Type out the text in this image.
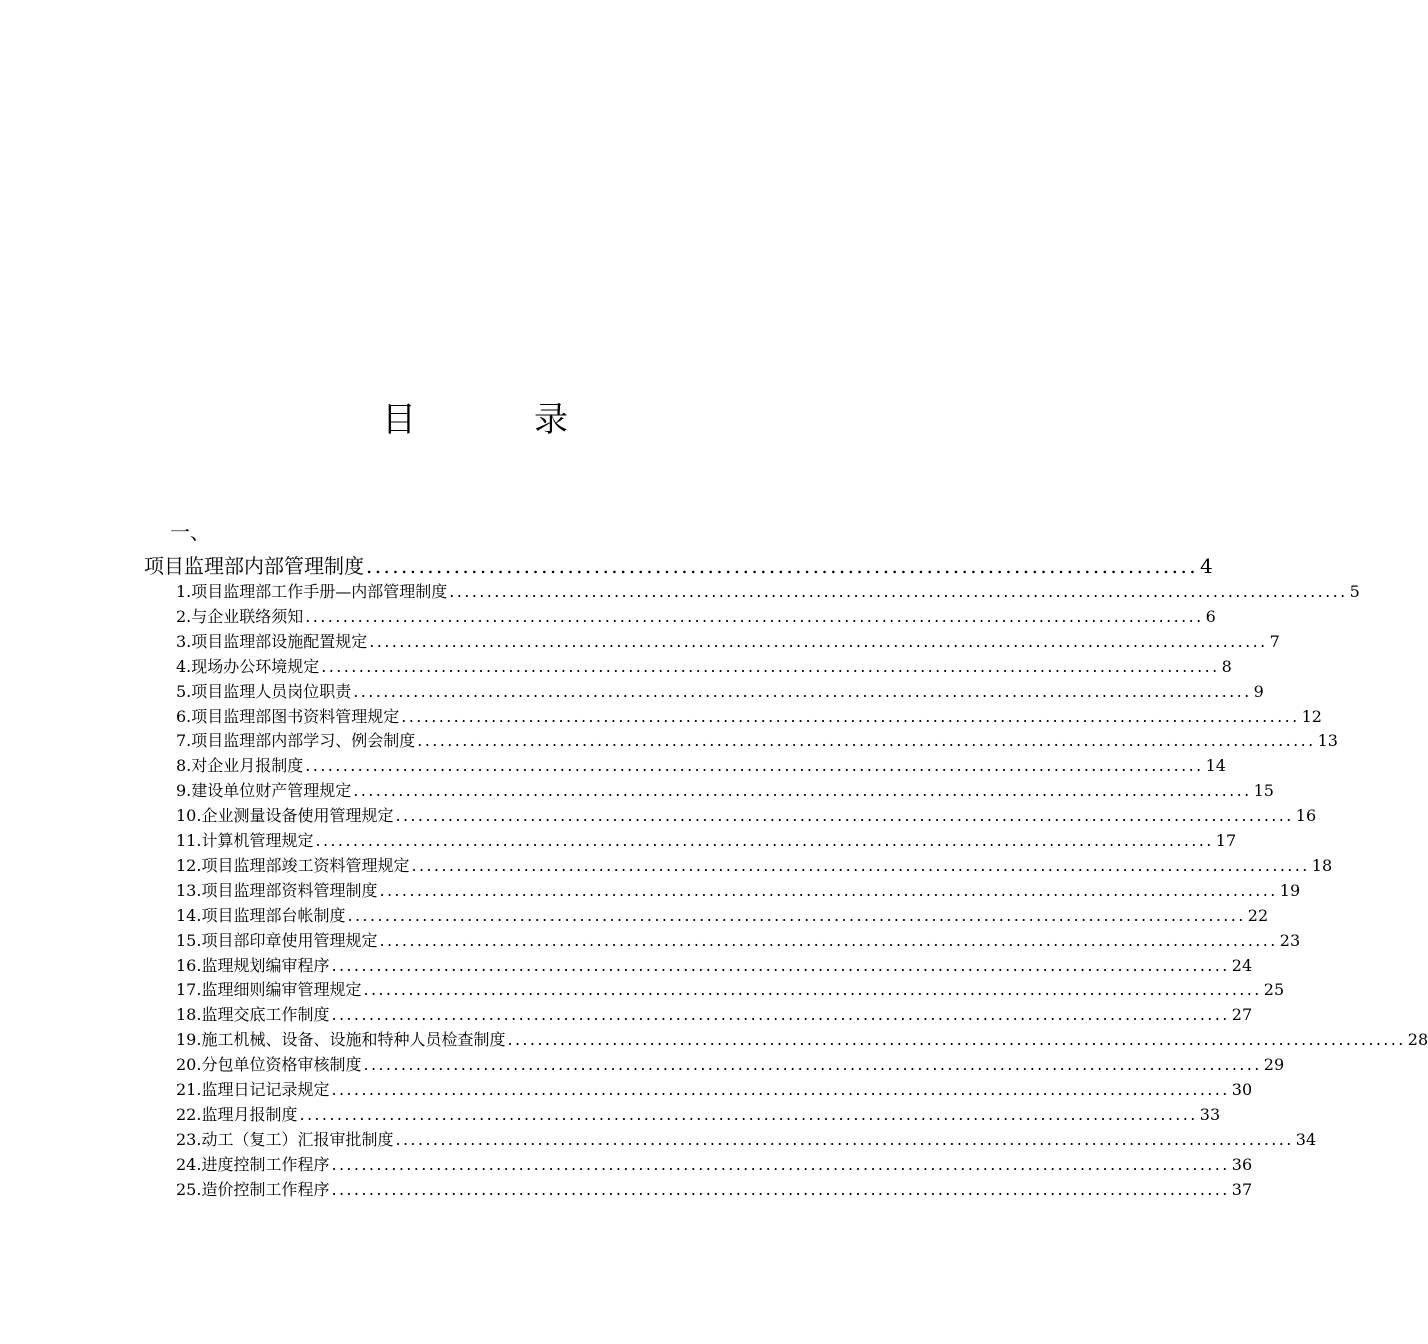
目　录
一、
项目监理部内部管理制度 ............................................................................................... 4
1.项目监理部工作手册—内部管理制度 ........................................................................................................................ 5
2.与企业联络须知 ........................................................................................................................ 6
3.项目监理部设施配置规定 ........................................................................................................................ 7
4.现场办公环境规定 ........................................................................................................................ 8
5.项目监理人员岗位职责 ........................................................................................................................ 9
6.项目监理部图书资料管理规定 ........................................................................................................................ 12
7.项目监理部内部学习、例会制度 ........................................................................................................................ 13
8.对企业月报制度 ........................................................................................................................ 14
9.建设单位财产管理规定 ........................................................................................................................ 15
10.企业测量设备使用管理规定 ........................................................................................................................ 16
11.计算机管理规定 ........................................................................................................................ 17
12.项目监理部竣工资料管理规定 ........................................................................................................................ 18
13.项目监理部资料管理制度 ........................................................................................................................ 19
14.项目监理部台帐制度 ........................................................................................................................ 22
15.项目部印章使用管理规定 ........................................................................................................................ 23
16.监理规划编审程序 ........................................................................................................................ 24
17.监理细则编审管理规定 ........................................................................................................................ 25
18.监理交底工作制度 ........................................................................................................................ 27
19.施工机械、设备、设施和特种人员检查制度 ........................................................................................................................ 28
20.分包单位资格审核制度 ........................................................................................................................ 29
21.监理日记记录规定 ........................................................................................................................ 30
22.监理月报制度 ........................................................................................................................ 33
23.动工（复工）汇报审批制度 ........................................................................................................................ 34
24.进度控制工作程序 ........................................................................................................................ 36
25.造价控制工作程序 ........................................................................................................................ 37
